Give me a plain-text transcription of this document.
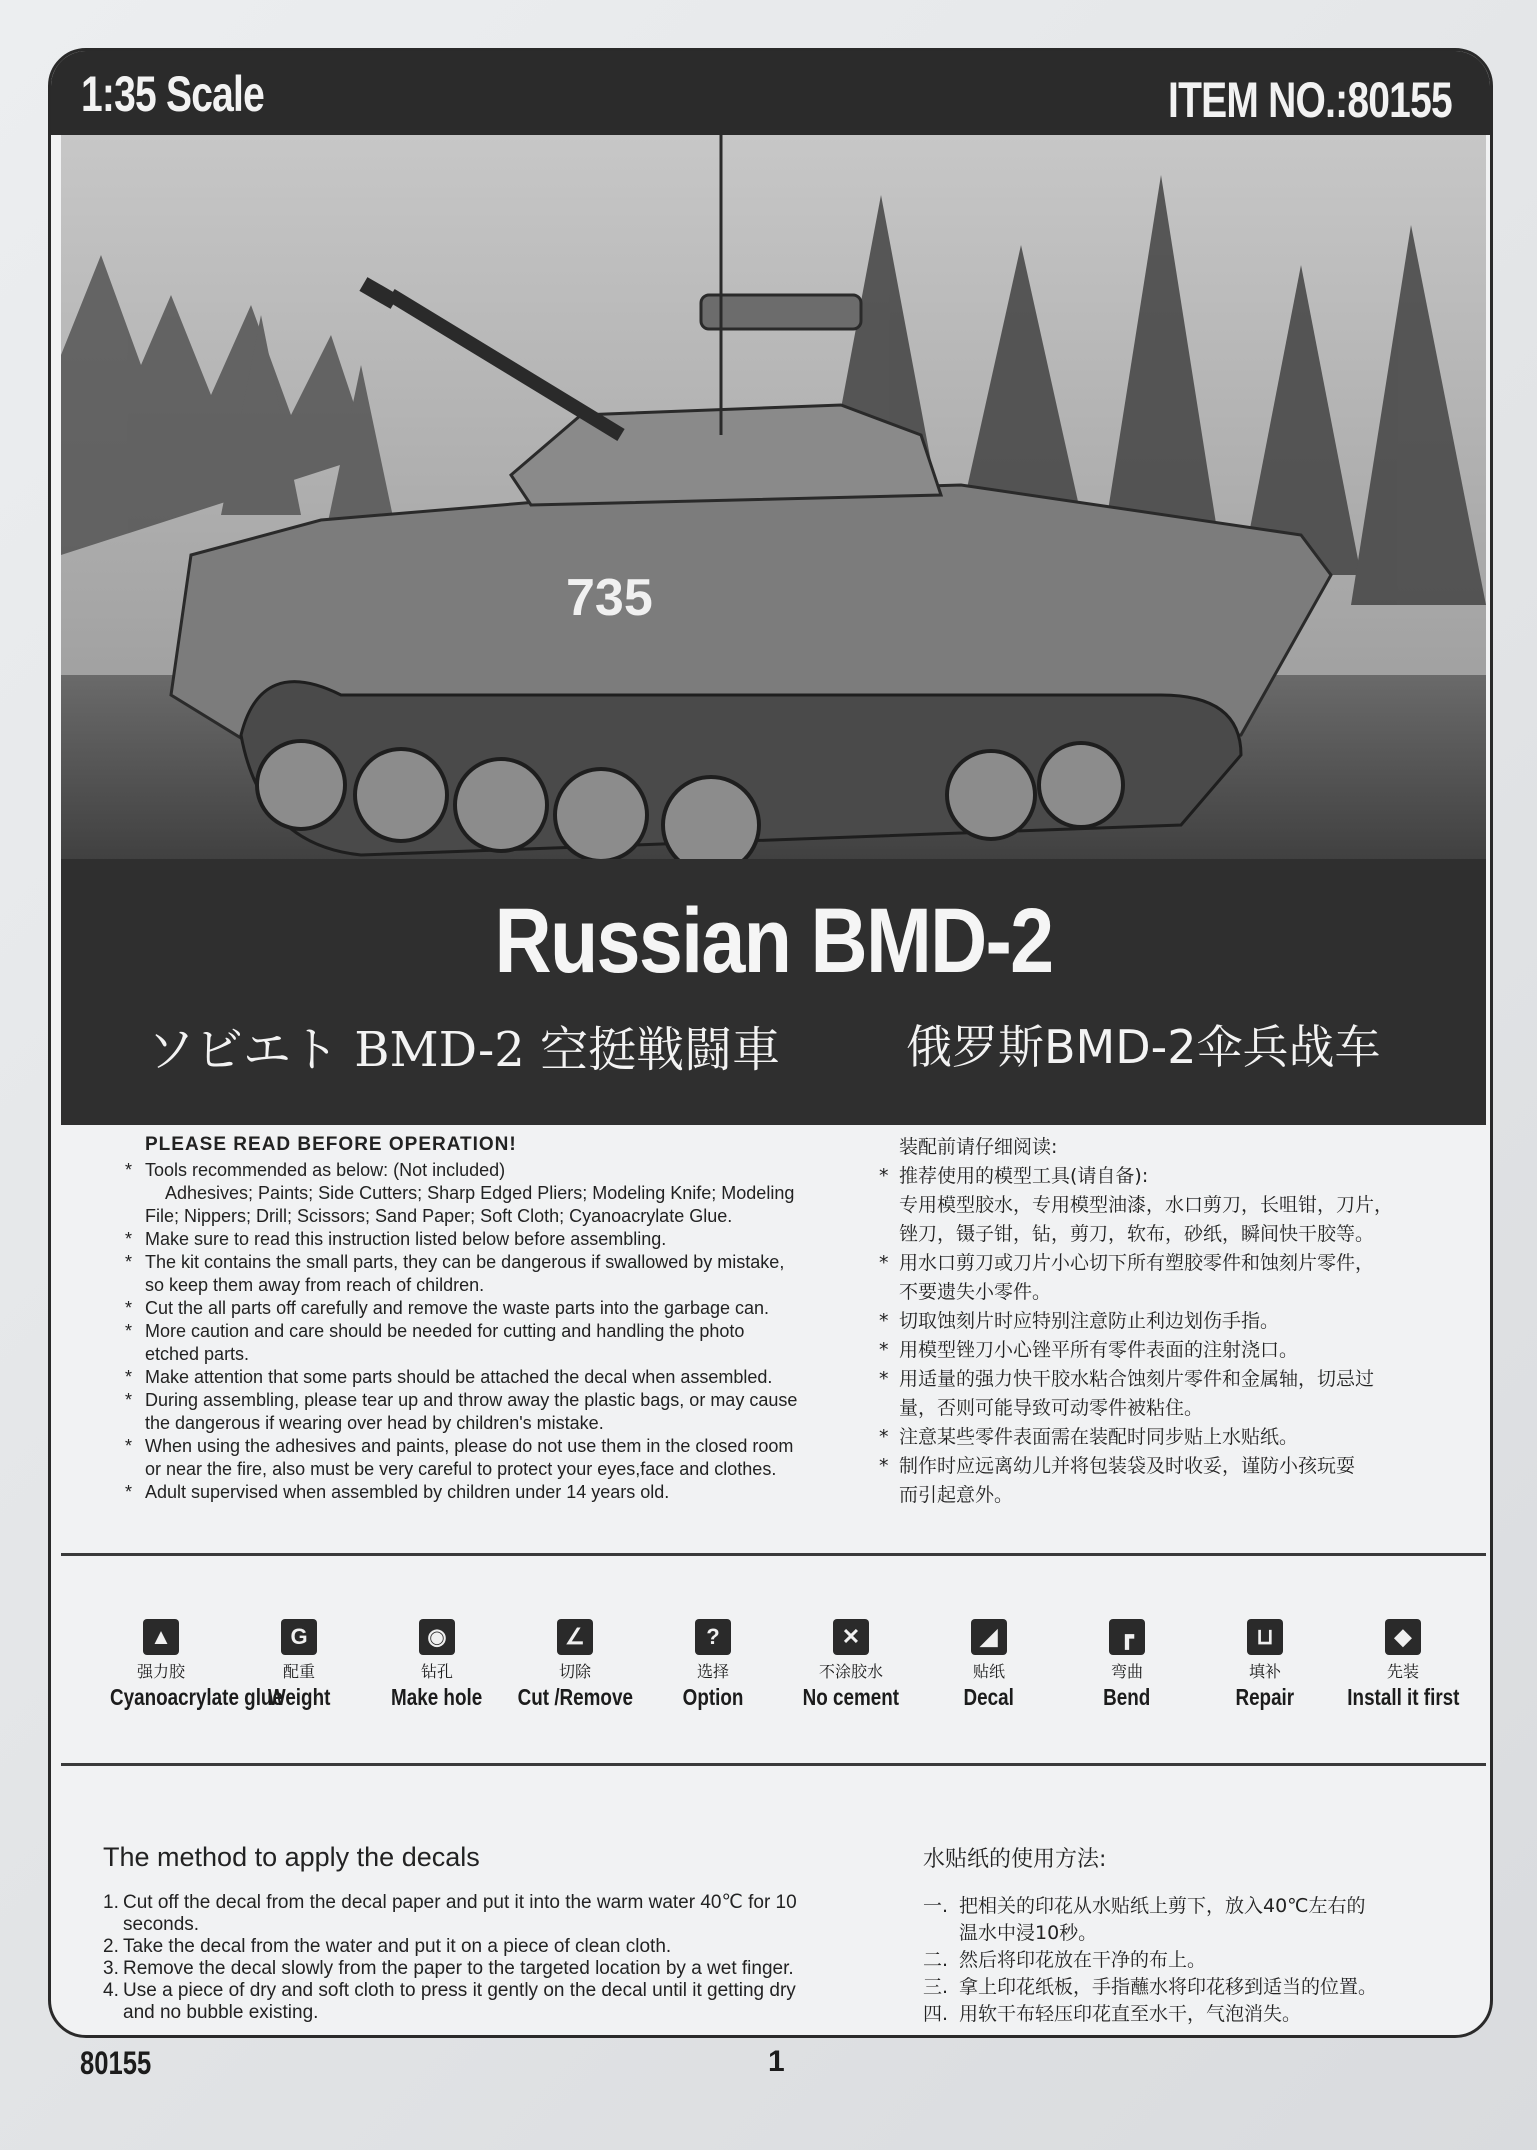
1:35 Scale	ITEM NO.:80155
735
Russian BMD-2
ソビエト BMD-2 空挺戦闘車	俄罗斯BMD-2伞兵战车
PLEASE READ BEFORE OPERATION!
* Tools recommended as below: (Not included)
Adhesives; Paints; Side Cutters; Sharp Edged Pliers; Modeling Knife; Modeling
File; Nippers; Drill; Scissors; Sand Paper; Soft Cloth; Cyanoacrylate Glue.
* Make sure to read this instruction listed below before assembling.
* The kit contains the small parts, they can be dangerous if swallowed by mistake,
so keep them away from reach of children.
* Cut the all parts off carefully and remove the waste parts into the garbage can.
* More caution and care should be needed for cutting and handling the photo
etched parts.
* Make attention that some parts should be attached the decal when assembled.
* During assembling, please tear up and throw away the plastic bags, or may cause
the dangerous if wearing over head by children's mistake.
* When using the adhesives and paints, please do not use them in the closed room
or near the fire, also must be very careful to protect your eyes,face and clothes.
* Adult supervised when assembled by children under 14 years old.
装配前请仔细阅读:
* 推荐使用的模型工具(请自备):
专用模型胶水，专用模型油漆，水口剪刀，长咀钳，刀片，
锉刀，镊子钳，钻，剪刀，软布，砂纸，瞬间快干胶等。
* 用水口剪刀或刀片小心切下所有塑胶零件和蚀刻片零件，
不要遗失小零件。
* 切取蚀刻片时应特别注意防止利边划伤手指。
* 用模型锉刀小心锉平所有零件表面的注射浇口。
* 用适量的强力快干胶水粘合蚀刻片零件和金属轴，切忌过
量，否则可能导致可动零件被粘住。
* 注意某些零件表面需在装配时同步贴上水贴纸。
* 制作时应远离幼儿并将包装袋及时收妥，谨防小孩玩耍
而引起意外。
▲
强力胶
Cyanoacrylate glue
G
配重
Weight
◉
钻孔
Make hole
∠
切除
Cut /Remove
?
选择
Option
✕
不涂胶水
No cement
◢
贴纸
Decal
┏
弯曲
Bend
⊔
填补
Repair
◆
先装
Install it first
The method to apply the decals
1. Cut off the decal from the decal paper and put it into the warm water 40℃ for 10
seconds.
2. Take the decal from the water and put it on a piece of clean cloth.
3. Remove the decal slowly from the paper to the targeted location by a wet finger.
4. Use a piece of dry and soft cloth to press it gently on the decal until it getting dry
and no bubble existing.
水贴纸的使用方法:
一. 把相关的印花从水贴纸上剪下，放入40℃左右的
温水中浸10秒。
二. 然后将印花放在干净的布上。
三. 拿上印花纸板，手指蘸水将印花移到适当的位置。
四. 用软干布轻压印花直至水干，气泡消失。
80155	1
